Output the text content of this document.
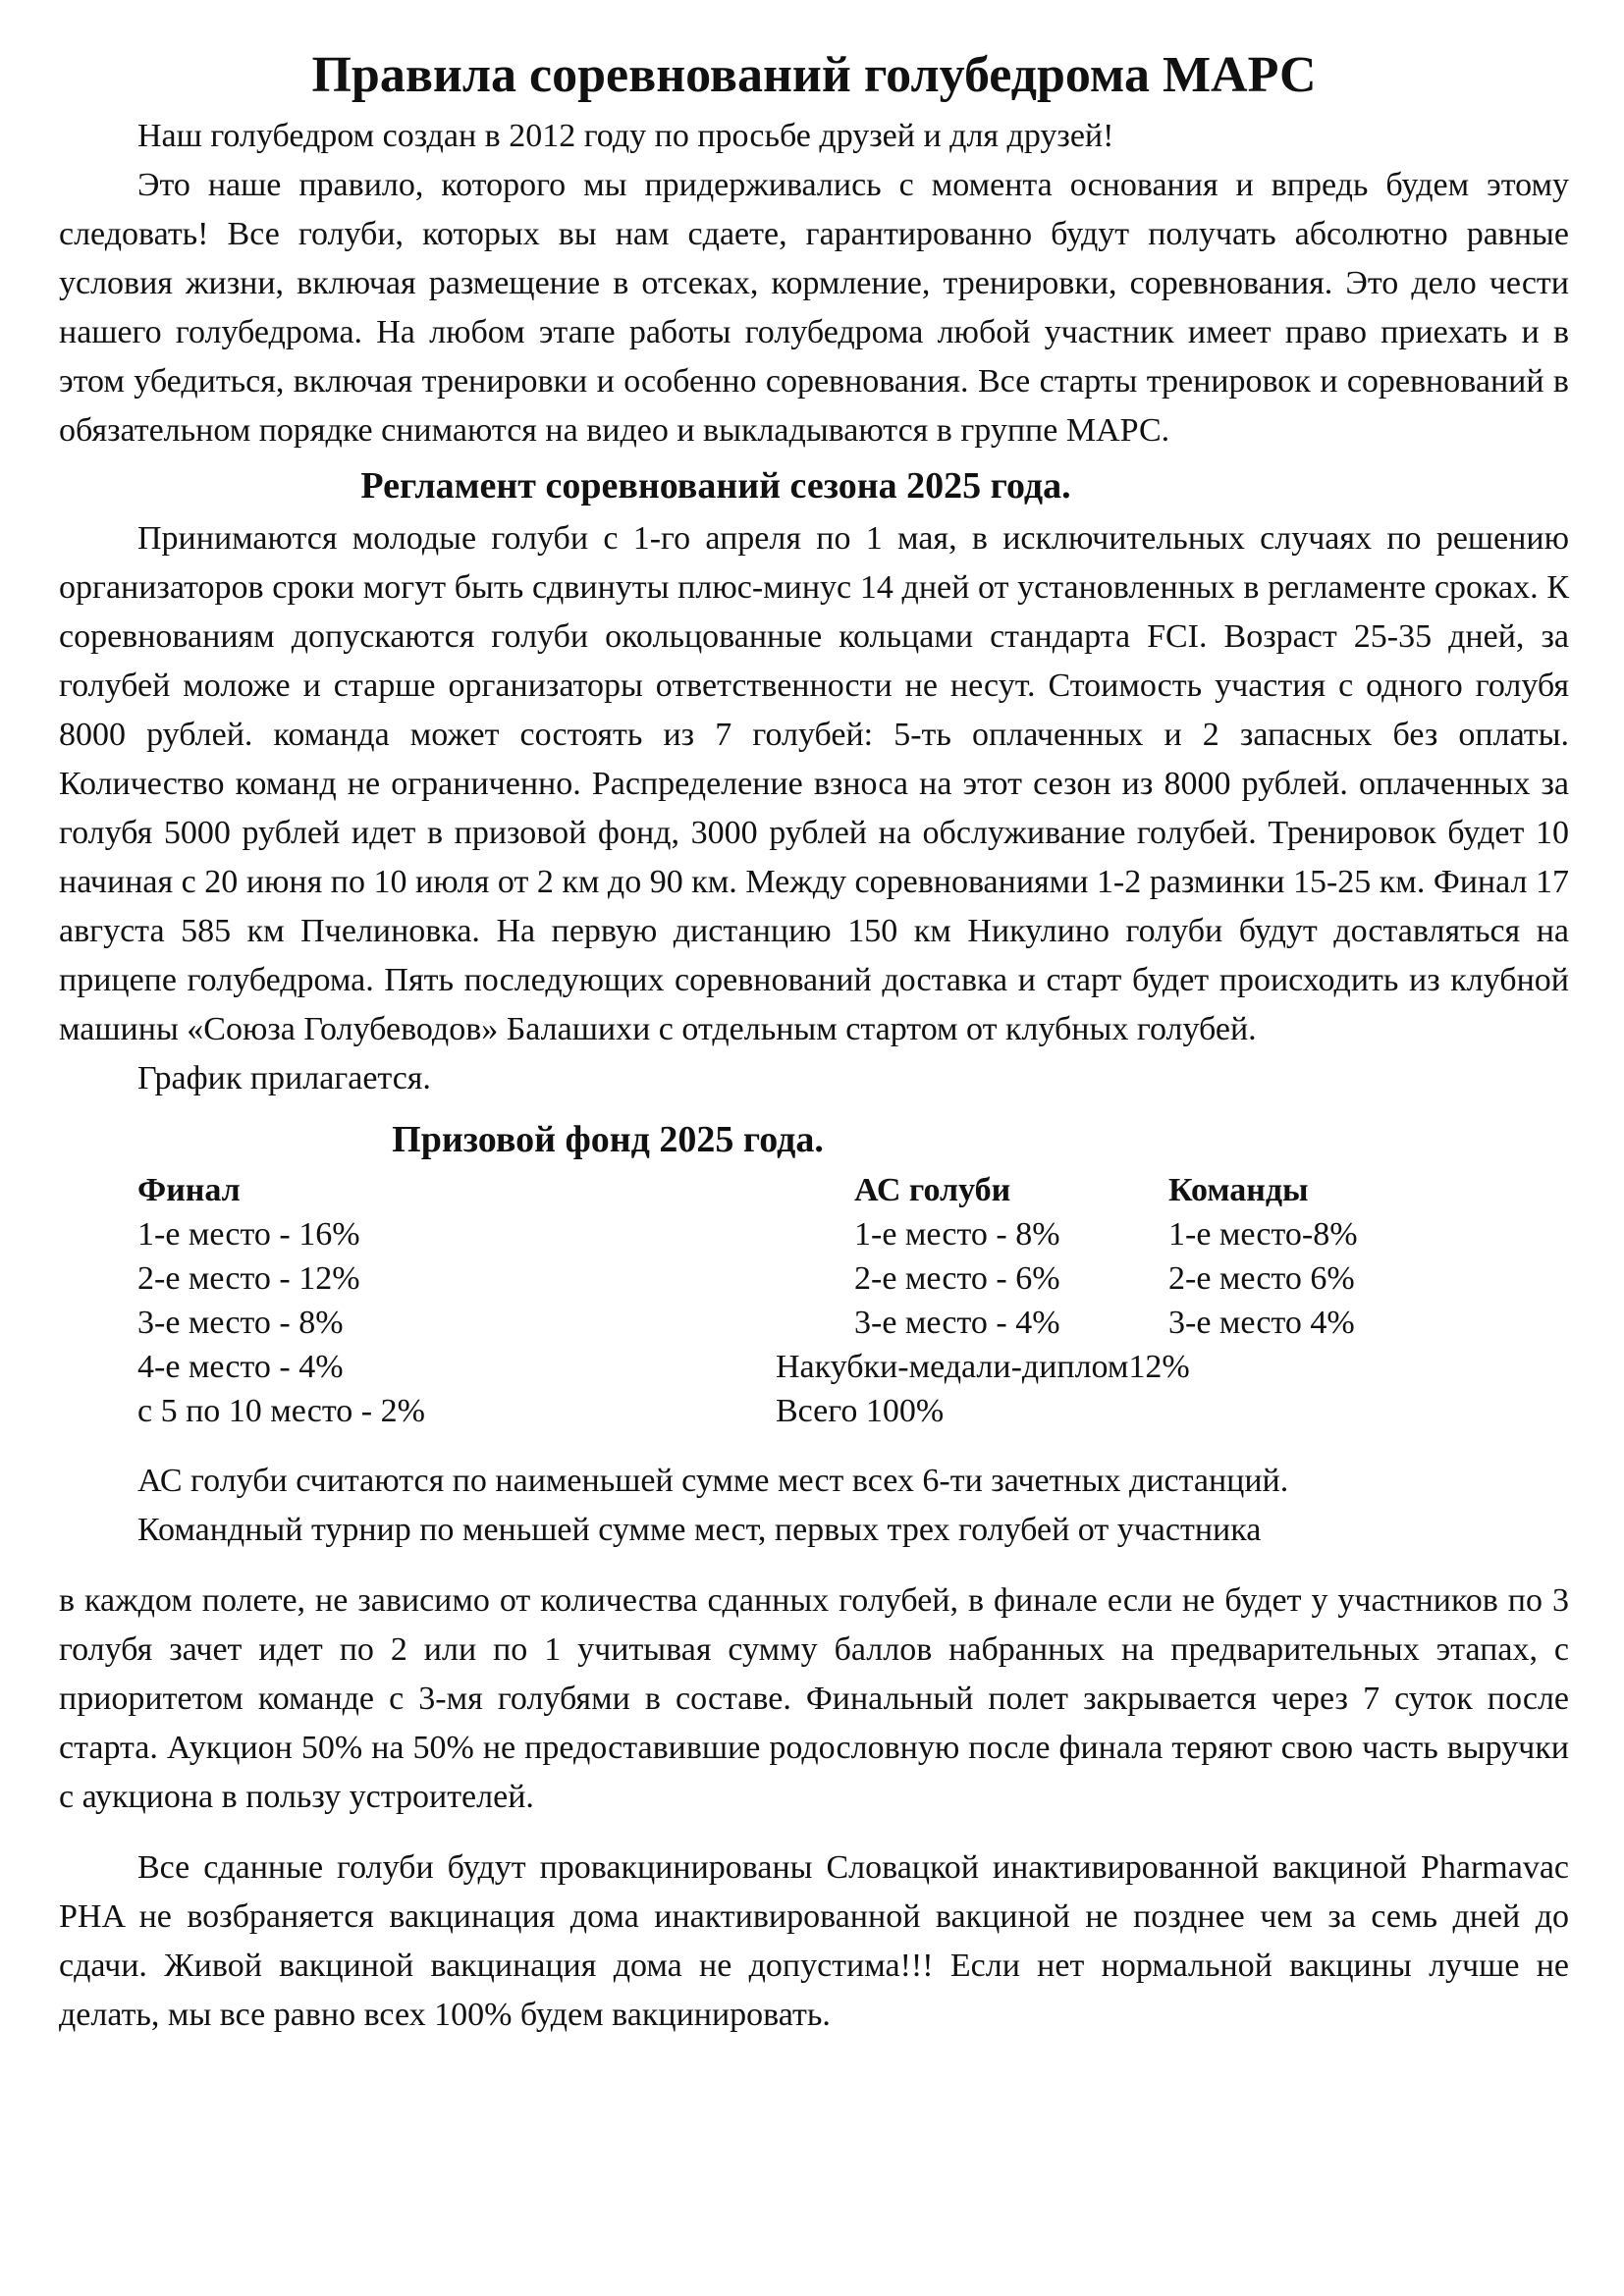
Правила соревнований голубедрома МАРС

Наш голубедром создан в 2012 году по просьбе друзей и для друзей!

Это наше правило, которого мы придерживались с момента основания и впредь будем этому следовать! Все голуби, которых вы нам сдаете, гарантированно будут получать абсолютно равные условия жизни, включая размещение в отсеках, кормление, тренировки, соревнования. Это дело чести нашего голубедрома. На любом этапе работы голубедрома любой участник имеет право приехать и в этом убедиться, включая тренировки и особенно соревнования. Все старты тренировок и соревнований в обязательном порядке снимаются на видео и выкладываются в группе МАРС.

Регламент соревнований сезона 2025 года.

Принимаются молодые голуби с 1-го апреля по 1 мая, в исключительных случаях по решению организаторов сроки могут быть сдвинуты плюс-минус 14 дней от установленных в регламенте сроках. К соревнованиям допускаются голуби окольцованные кольцами стандарта FCI. Возраст 25-35 дней, за голубей моложе и старше организаторы ответственности не несут. Стоимость участия с одного голубя 8000 рублей. команда может состоять из 7 голубей: 5-ть оплаченных и 2 запасных без оплаты. Количество команд не ограниченно. Распределение взноса на этот сезон из 8000 рублей. оплаченных за голубя 5000 рублей идет в призовой фонд, 3000 рублей на обслуживание голубей. Тренировок будет 10 начиная с 20 июня по 10 июля от 2 км до 90 км. Между соревнованиями 1-2 разминки 15-25 км. Финал 17 августа 585 км Пчелиновка. На первую дистанцию 150 км Никулино голуби будут доставляться на прицепе голубедрома. Пять последующих соревнований доставка и старт будет происходить из клубной машины «Союза Голубеводов» Балашихи с отдельным стартом от клубных голубей.

График прилагается.

Призовой фонд 2025 года.
Финал
1-е место - 16%
2-е место - 12%
3-е место - 8%
4-е место - 4%
с 5 по 10 место - 2%
АС голуби
1-е место - 8%
2-е место - 6%
3-е место - 4%
Команды
1-е место-8%
2-е место 6%
3-е место 4%
Накубки-медали-диплом12%
Всего 100%

АС голуби считаются по наименьшей сумме мест всех 6-ти зачетных дистанций.

Командный турнир по меньшей сумме мест, первых трех голубей от участника

в каждом полете, не зависимо от количества сданных голубей, в финале если не будет у участников по 3 голубя зачет идет по 2 или по 1 учитывая сумму баллов набранных на предварительных этапах, с приоритетом команде с 3-мя голубями в составе. Финальный полет закрывается через 7 суток после старта. Аукцион 50% на 50% не предоставившие родословную после финала теряют свою часть выручки с аукциона в пользу устроителей.

Все сданные голуби будут провакцинированы Словацкой инактивированной вакциной Pharmavac PHA не возбраняется вакцинация дома инактивированной вакциной не позднее чем за семь дней до сдачи. Живой вакциной вакцинация дома не допустима!!! Если нет нормальной вакцины лучше не делать, мы все равно всех 100% будем вакцинировать.
